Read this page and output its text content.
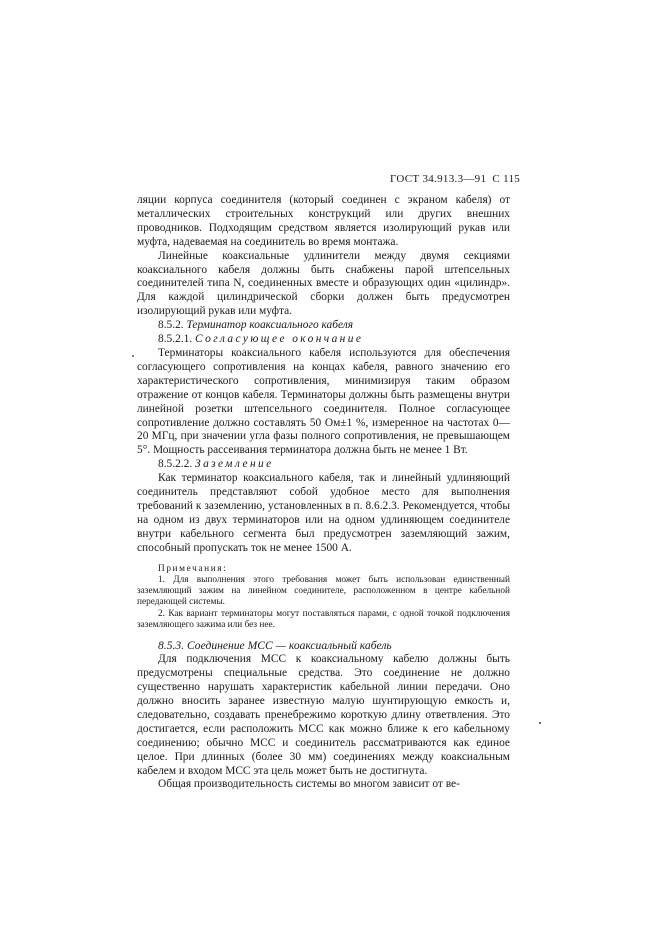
ГОСТ 34.913.3—91 С 115

ляции корпуса соединителя (который соединен с экраном кабеля) от металлических строительных конструкций или других внешних проводников. Подходящим средством является изолирующий рукав или муфта, надеваемая на соединитель во время монтажа.

Линейные коаксиальные удлинители между двумя секциями коаксиального кабеля должны быть снабжены парой штепсельных соединителей типа N, соединенных вместе и образующих один «цилиндр». Для каждой цилиндрической сборки должен быть предусмотрен изолирующий рукав или муфта.

8.5.2. Терминатор коаксиального кабеля

8.5.2.1. Согласующее окончание

Терминаторы коаксиального кабеля используются для обеспечения согласующего сопротивления на концах кабеля, равного значению его характеристического сопротивления, минимизируя таким образом отражение от концов кабеля. Терминаторы должны быть размещены внутри линейной розетки штепсельного соединителя. Полное согласующее сопротивление должно составлять 50 Ом±1 %, измеренное на частотах 0—20 МГц, при значении угла фазы полного сопротивления, не превышающем 5°. Мощность рассеивания терминатора должна быть не менее 1 Вт.

8.5.2.2. Заземление

Как терминатор коаксиального кабеля, так и линейный удлиняющий соединитель представляют собой удобное место для выполнения требований к заземлению, установленных в п. 8.6.2.3. Рекомендуется, чтобы на одном из двух терминаторов или на одном удлиняющем соединителе внутри кабельного сегмента был предусмотрен заземляющий зажим, способный пропускать ток не менее 1500 А.

Примечания:

1. Для выполнения этого требования может быть использован единственный заземляющий зажим на линейном соединителе, расположенном в центре кабельной передающей системы.

2. Как вариант терминаторы могут поставляться парами, с одной точкой подключения заземляющего зажима или без нее.

8.5.3. Соединение МСС — коаксиальный кабель

Для подключения МСС к коаксиальному кабелю должны быть предусмотрены специальные средства. Это соединение не должно существенно нарушать характеристик кабельной линии передачи. Оно должно вносить заранее известную малую шунтирующую емкость и, следовательно, создавать пренебрежимо короткую длину ответвления. Это достигается, если расположить МСС как можно ближе к его кабельному соединению; обычно МСС и соединитель рассматриваются как единое целое. При длинных (более 30 мм) соединениях между коаксиальным кабелем и входом МСС эта цель может быть не достигнута.

Общая производительность системы во многом зависит от ве-
